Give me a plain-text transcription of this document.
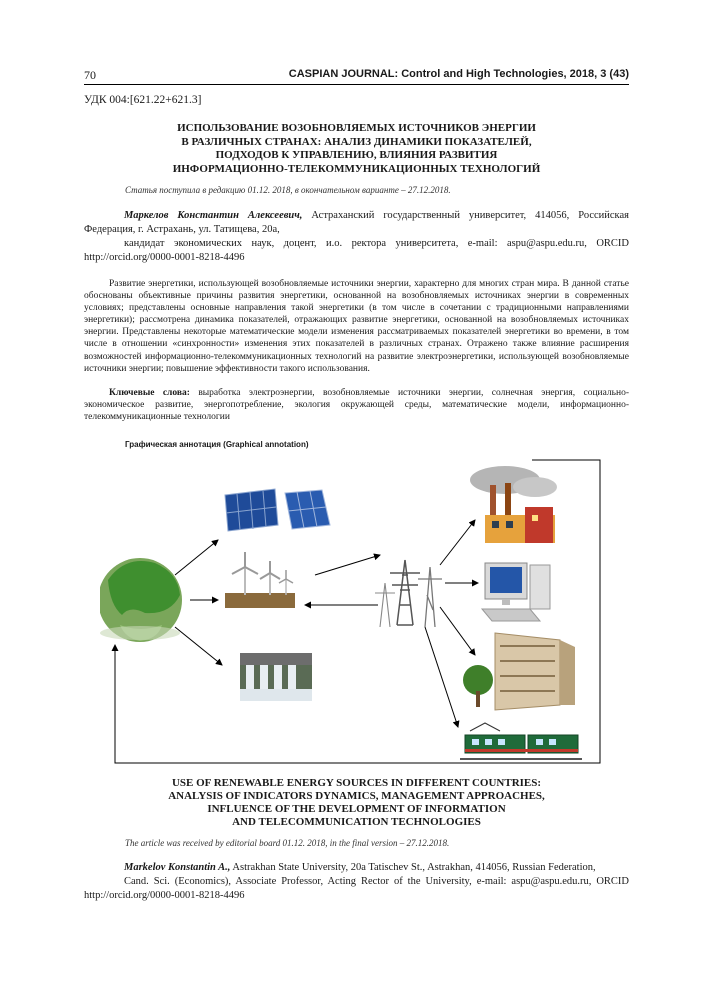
70	CASPIAN JOURNAL: Control and High Technologies, 2018, 3 (43)
УДК 004:[621.22+621.3]
ИСПОЛЬЗОВАНИЕ ВОЗОБНОВЛЯЕМЫХ ИСТОЧНИКОВ ЭНЕРГИИ
В РАЗЛИЧНЫХ СТРАНАХ: АНАЛИЗ ДИНАМИКИ ПОКАЗАТЕЛЕЙ,
ПОДХОДОВ К УПРАВЛЕНИЮ, ВЛИЯНИЯ РАЗВИТИЯ
ИНФОРМАЦИОННО-ТЕЛЕКОММУНИКАЦИОННЫХ ТЕХНОЛОГИЙ
Статья поступила в редакцию 01.12. 2018, в окончательном варианте – 27.12.2018.

Маркелов Константин Алексеевич, Астраханский государственный университет, 414056, Российская Федерация, г. Астрахань, ул. Татищева, 20а,

кандидат экономических наук, доцент, и.о. ректора университета, e-mail: aspu@aspu.edu.ru, ORCID http://orcid.org/0000-0001-8218-4496

Развитие энергетики, использующей возобновляемые источники энергии, характерно для многих стран мира. В данной статье обоснованы объективные причины развития энергетики, основанной на возобновляемых источниках энергии в современных условиях; представлены основные направления такой энергетики (в том числе в сочетании с традиционными направлениями энергетики); рассмотрена динамика показателей, отражающих развитие энергетики, основанной на возобновляемых источниках энергии. Представлены некоторые математические модели изменения рассматриваемых показателей энергетики во времени, в том числе в отношении «синхронности» изменения этих показателей в различных странах. Отражено также влияние расширения возможностей информационно-телекоммуникационных технологий на развитие электроэнергетики, использующей возобновляемые источники энергии; повышение эффективности такого использования.
Ключевые слова: выработка электроэнергии, возобновляемые источники энергии, солнечная энергия, социально-экономическое развитие, энергопотребление, экология окружающей среды, математические модели, информационно-телекоммуникационные технологии
Графическая аннотация (Graphical annotation)
USE OF RENEWABLE ENERGY SOURCES IN DIFFERENT COUNTRIES:
ANALYSIS OF INDICATORS DYNAMICS, MANAGEMENT APPROACHES,
INFLUENCE OF THE DEVELOPMENT OF INFORMATION
AND TELECOMMUNICATION TECHNOLOGIES
The article was received by editorial board 01.12. 2018, in the final version – 27.12.2018.

Markelov Konstantin A., Astrakhan State University, 20a Tatischev St., Astrakhan, 414056, Russian Federation,

Cand. Sci. (Economics), Associate Professor, Acting Rector of the University, e-mail: aspu@aspu.edu.ru, ORCID http://orcid.org/0000-0001-8218-4496
